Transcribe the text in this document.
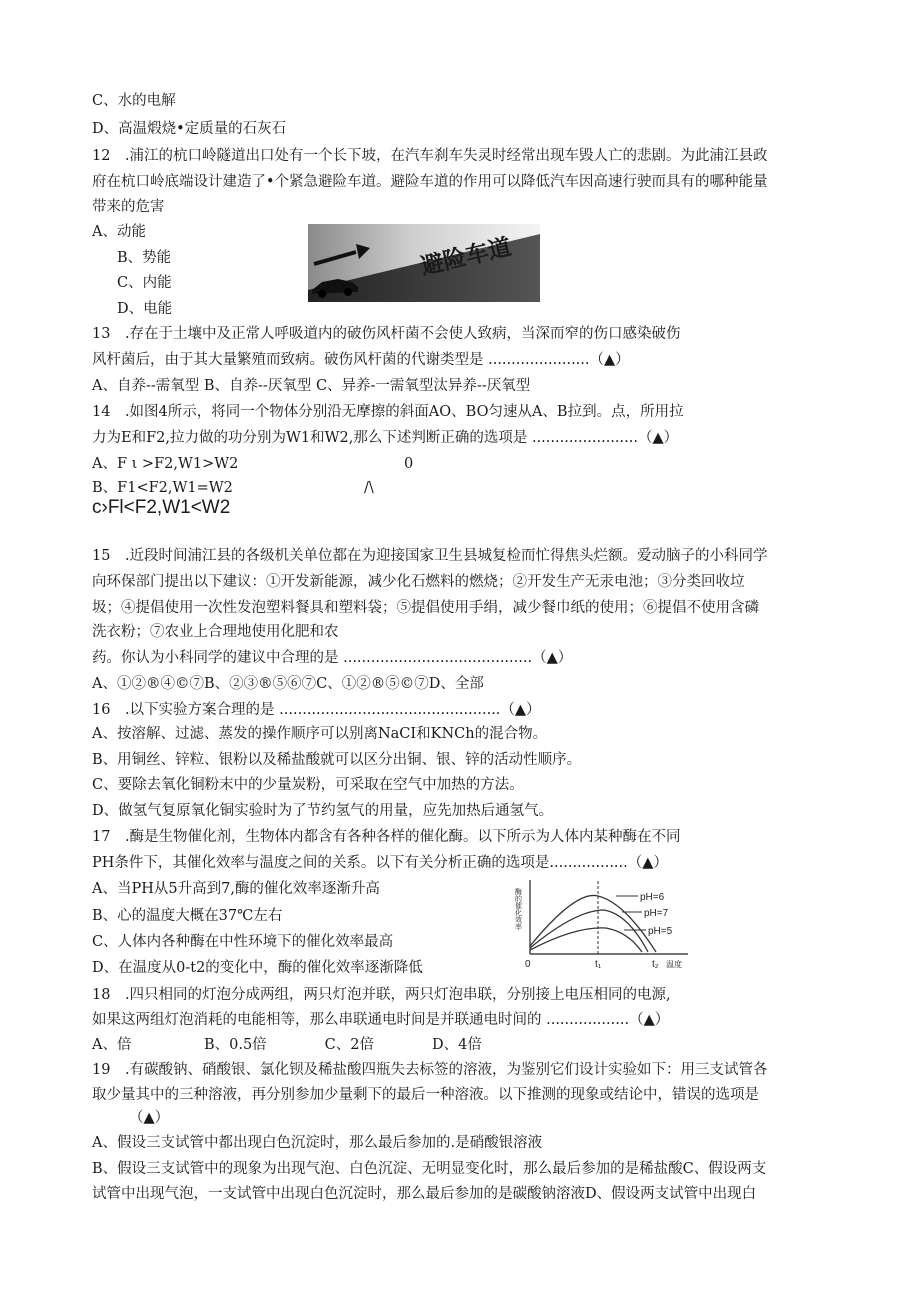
C、水的电解
D、高温煅烧•定质量的石灰石
12　.浦江的杭口岭隧道出口处有一个长下坡，在汽车刹车失灵时经常出现车毁人亡的悲剧。为此浦江县政
府在杭口岭底端设计建造了•个紧急避险车道。避险车道的作用可以降低汽车因高速行驶而具有的哪种能量
带来的危害
A、动能
B、势能
C、内能
D、电能
避险车道
13　.存在于土壤中及正常人呼吸道内的破伤风杆菌不会使人致病，当深而窄的伤口感染破伤
风杆菌后，由于其大量繁殖而致病。破伤风杆菌的代谢类型是 ......................（▲）
A、自养--需氧型 B、自养--厌氧型 C、异养-一需氧型汰异养--厌氧型
14　.如图4所示，将同一个物体分别沿无摩擦的斜面AO、BO匀速从A、B拉到。点，所用拉
力为E和F2,拉力做的功分别为W1和W2,那么下述判断正确的选项是 .......................（▲）
A、F ι >F2,W1>W2
B、F1<F2,W1=W2
c›Fl<F2,W1<W2
0
/\
15　.近段时间浦江县的各级机关单位都在为迎接国家卫生县城复检而忙得焦头烂额。爱动脑子的小科同学
向环保部门提出以下建议：①开发新能源，减少化石燃料的燃烧；②开发生产无汞电池；③分类回收垃
圾；④提倡使用一次性发泡塑料餐具和塑料袋；⑤提倡使用手绢，减少餐巾纸的使用；⑥提倡不使用含磷
洗衣粉；⑦农业上合理地使用化肥和农
药。你认为小科同学的建议中合理的是 .........................................（▲）
A、①②®④©⑦B、②③®⑤⑥⑦C、①②®⑤©⑦D、全部
16　.以下实验方案合理的是 ................................................（▲）
A、按溶解、过滤、蒸发的操作顺序可以别离NaCI和KNCh的混合物。
B、用铜丝、锌粒、银粉以及稀盐酸就可以区分出铜、银、锌的活动性顺序。
C、要除去氧化铜粉末中的少量炭粉，可采取在空气中加热的方法。
D、做氢气复原氧化铜实验时为了节约氢气的用量，应先加热后通氢气。
17　.酶是生物催化剂，生物体内都含有各种各样的催化酶。以下所示为人体内某种酶在不同
PH条件下，其催化效率与温度之间的关系。以下有关分析正确的选项是.................（▲）
A、当PH从5升高到7,酶的催化效率逐渐升高
B、心的温度大概在37℃左右
C、人体内各种酶在中性环境下的催化效率最高
D、在温度从0-t2的变化中，酶的催化效率逐渐降低
酶的催化效率	pH=6
pH=7
pH=5
0	t₁	t₂ 温度
18　.四只相同的灯泡分成两组，两只灯泡并联，两只灯泡串联，分别接上电压相同的电源,
如果这两组灯泡消耗的电能相等，那么串联通电时间是并联通电时间的 ..................（▲）
A、倍　　　　　B、0.5倍　　　　C、2倍　　　　D、4倍
19　.有碳酸钠、硝酸银、氯化钡及稀盐酸四瓶失去标签的溶液，为鉴别它们设计实验如下：用三支试管各
取少量其中的三种溶液，再分别参加少量剩下的最后一种溶液。以下推测的现象或结论中，错误的选项是
（▲）
A、假设三支试管中都出现白色沉淀时，那么最后参加的.是硝酸银溶液
B、假设三支试管中的现象为出现气泡、白色沉淀、无明显变化时，那么最后参加的是稀盐酸C、假设两支
试管中出现气泡，一支试管中出现白色沉淀时，那么最后参加的是碳酸钠溶液D、假设两支试管中出现白
